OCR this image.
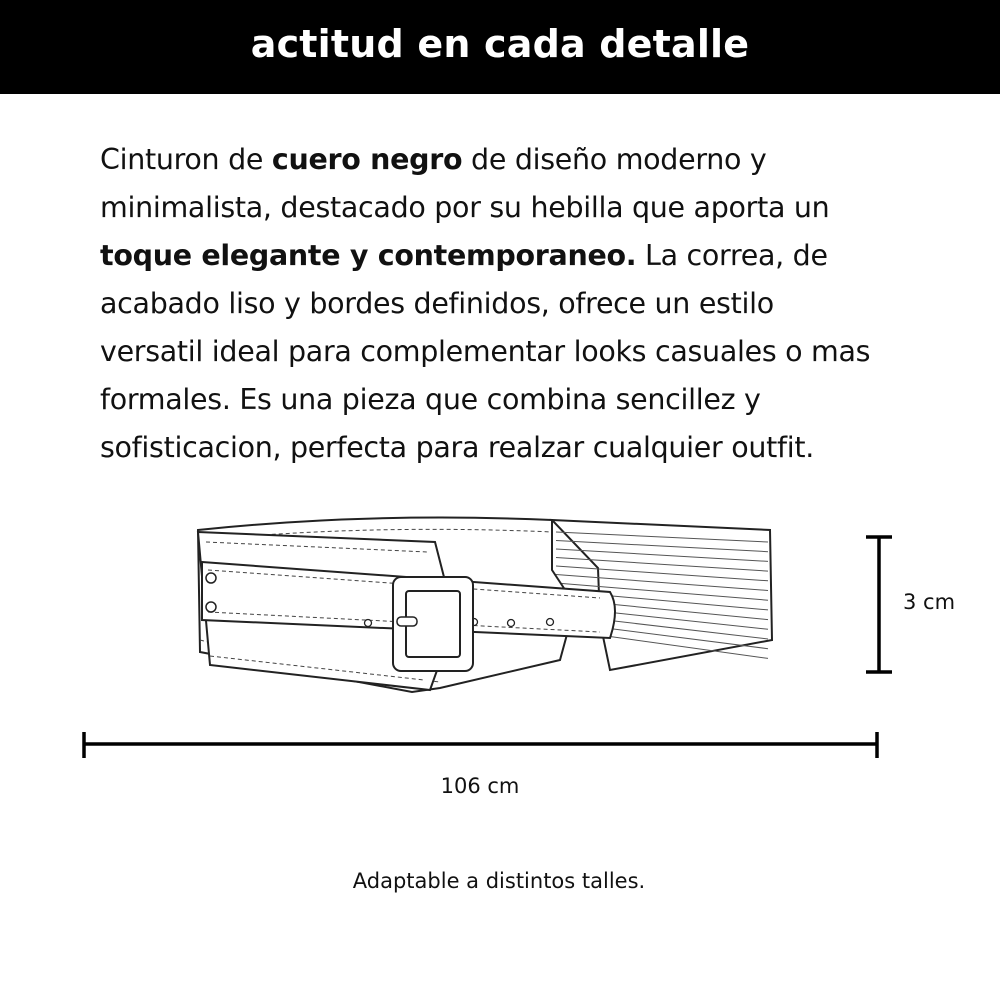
actitud en cada detalle
Cinturon de cuero negro de diseño moderno y
minimalista, destacado por su hebilla que aporta un
toque elegante y contemporaneo. La correa, de
acabado liso y bordes definidos, ofrece un estilo
versatil ideal para complementar looks casuales o mas
formales. Es una pieza que combina sencillez y
sofisticacion, perfecta para realzar cualquier outfit.
3 cm
106 cm
Adaptable a distintos talles.
